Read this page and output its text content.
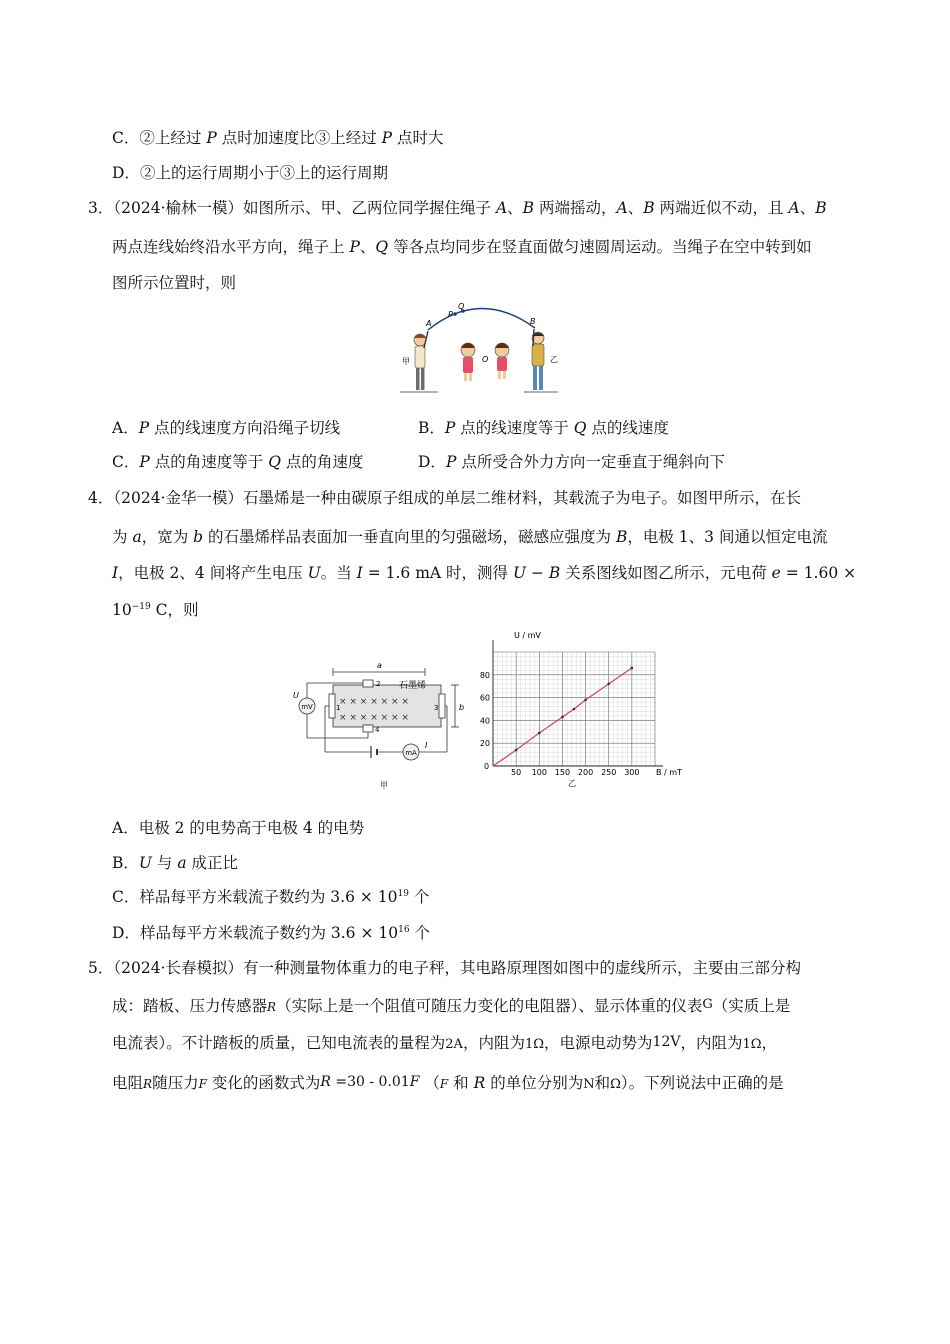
C．②上经过 P 点时加速度比③上经过 P 点时大
D．②上的运行周期小于③上的运行周期
3．（2024·榆林一模）如图所示、甲、乙两位同学握住绳子 A、B 两端摇动，A、B 两端近似不动，且 A、B
两点连线始终沿水平方向，绳子上 P、Q 等各点均同步在竖直面做匀速圆周运动。当绳子在空中转到如
图所示位置时，则
A
P
Q
B
O
甲	乙
A．P 点的线速度方向沿绳子切线	B．P 点的线速度等于 Q 点的线速度
C．P 点的角速度等于 Q 点的角速度	D．P 点所受合外力方向一定垂直于绳斜向下
4．（2024·金华一模）石墨烯是一种由碳原子组成的单层二维材料，其载流子为电子。如图甲所示，在长
为 a，宽为 b 的石墨烯样品表面加一垂直向里的匀强磁场，磁感应强度为 B，电极 1、3 间通以恒定电流
I，电极 2、4 间将产生电压 U。当 I = 1.6 mA 时，测得 U − B 关系图线如图乙所示，元电荷 e = 1.60 ×
$10^{-19}$ C，则
mV
mA
× × × × × × ×
× × × × × × ×
a
b
石墨烯
U
I
2
4
1	3
甲
50 100 150 200 250 300
20
40
60
80
U / mV
B / mT
0
乙
A．电极 2 的电势高于电极 4 的电势
B．U 与 a 成正比
C．样品每平方米载流子数约为 $3.6 \times 10^{19}$ 个
D．样品每平方米载流子数约为 $3.6 \times 10^{16}$ 个
5．（2024·长春模拟）有一种测量物体重力的电子秤，其电路原理图如图中的虚线所示，主要由三部分构
成：踏板、压力传感器R（实际上是一个阻值可随压力变化的电阻器）、显示体重的仪表G（实质上是
电流表）。不计踏板的质量，已知电流表的量程为2A，内阻为1Ω，电源电动势为12V，内阻为1Ω，
电阻R随压力F 变化的函数式为R =30 - 0.01F （F 和 R 的单位分别为N和Ω）。下列说法中正确的是
